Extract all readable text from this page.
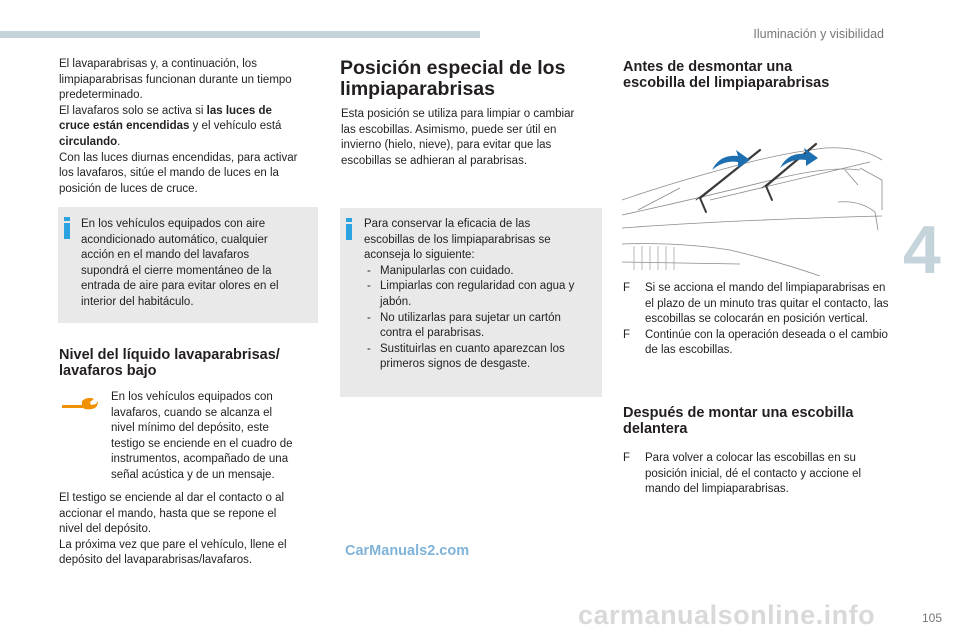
Iluminación y visibilidad
4

El lavaparabrisas y, a continuación, los

limpiaparabrisas funcionan durante un tiempo

predeterminado.

El lavafaros solo se activa si las luces de

cruce están encendidas y el vehículo está

circulando.

Con las luces diurnas encendidas, para activar

los lavafaros, sitúe el mando de luces en la

posición de luces de cruce.

En los vehículos equipados con aire

acondicionado automático, cualquier

acción en el mando del lavafaros

supondrá el cierre momentáneo de la

entrada de aire para evitar olores en el

interior del habitáculo.

Nivel del líquido lavaparabrisas/

lavafaros bajo

En los vehículos equipados con

lavafaros, cuando se alcanza el

nivel mínimo del depósito, este

testigo se enciende en el cuadro de

instrumentos, acompañado de una

señal acústica y de un mensaje.

El testigo se enciende al dar el contacto o al

accionar el mando, hasta que se repone el

nivel del depósito.

La próxima vez que pare el vehículo, llene el

depósito del lavaparabrisas/lavafaros.

Posición especial de los

limpiaparabrisas

Esta posición se utiliza para limpiar o cambiar

las escobillas. Asimismo, puede ser útil en

invierno (hielo, nieve), para evitar que las

escobillas se adhieran al parabrisas.

Para conservar la eficacia de las

escobillas de los limpiaparabrisas se

aconseja lo siguiente:

- Manipularlas con cuidado.
- Limpiarlas con regularidad con agua y jabón.
- No utilizarlas para sujetar un cartón contra el parabrisas.
- Sustituirlas en cuanto aparezcan los primeros signos de desgaste.

Antes de desmontar una

escobilla del limpiaparabrisas

F Si se acciona el mando del limpiaparabrisas en el plazo de un minuto tras quitar el contacto, las escobillas se colocarán en posición vertical.
F Continúe con la operación deseada o el cambio de las escobillas.

Después de montar una escobilla

delantera

F Para volver a colocar las escobillas en su posición inicial, dé el contacto y accione el mando del limpiaparabrisas.
CarManuals2.com
carmanualsonline.info	105
